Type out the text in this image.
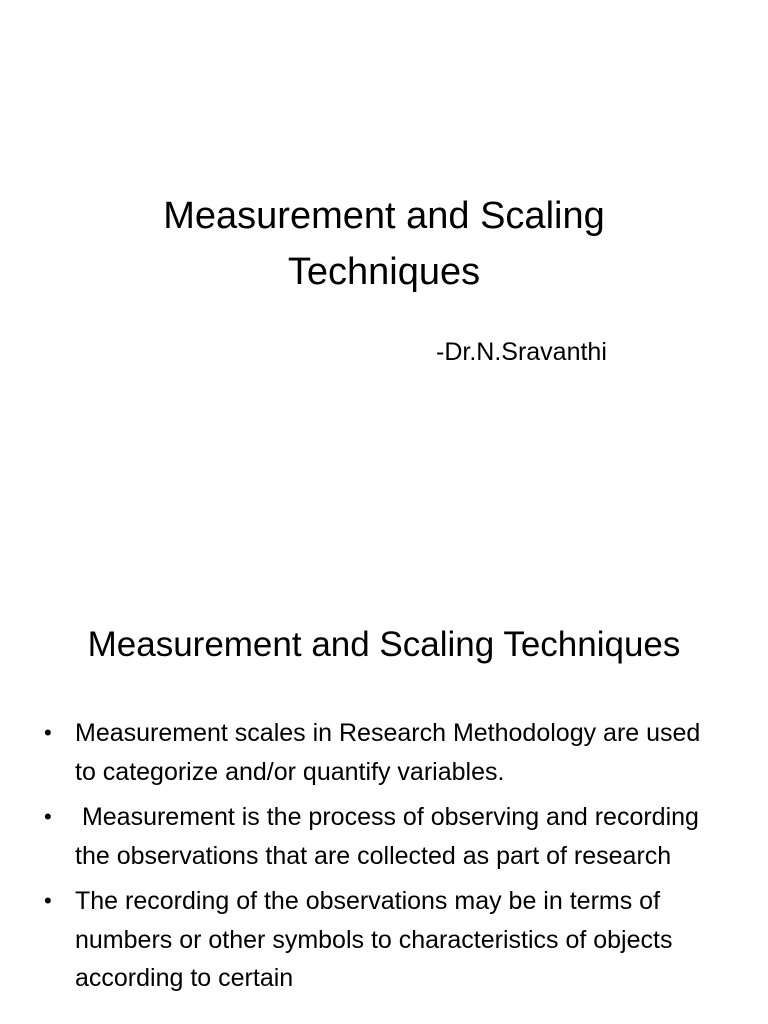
Measurement and Scaling
Techniques

-Dr.N.Sravanthi

Measurement and Scaling Techniques
• Measurement scales in Research Methodology are used to categorize and/or quantify variables.
• Measurement is the process of observing and recording the observations that are collected as part of research
• The recording of the observations may be in terms of numbers or other symbols to characteristics of objects according to certain
